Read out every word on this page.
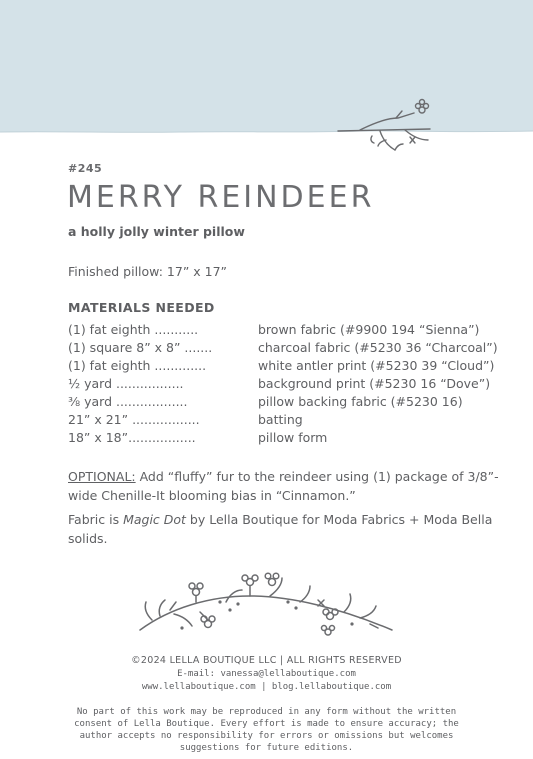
#245
MERRY REINDEER
a holly jolly winter pillow
Finished pillow: 17” x 17”
MATERIALS NEEDED
(1) fat eighth ...........	brown fabric (#9900 194 “Sienna”)
(1) square 8” x 8” .......	charcoal fabric (#5230 36 “Charcoal”)
(1) fat eighth .............	white antler print (#5230 39 “Cloud”)
½ yard .................	background print (#5230 16 “Dove”)
⅜ yard ..................	pillow backing fabric (#5230 16)
21” x 21” .................	batting
18” x 18”.................	pillow form
OPTIONAL: Add “fluffy” fur to the reindeer using (1) package of 3/8”-wide Chenille-It blooming bias in “Cinnamon.”
Fabric is Magic Dot by Lella Boutique for Moda Fabrics + Moda Bella solids.
©2024 LELLA BOUTIQUE LLC | ALL RIGHTS RESERVED
E-mail: vanessa@lellaboutique.com
www.lellaboutique.com | blog.lellaboutique.com
No part of this work may be reproduced in any form without the written consent of Lella Boutique. Every effort is made to ensure accuracy; the author accepts no responsibility for errors or omissions but welcomes suggestions for future editions.
